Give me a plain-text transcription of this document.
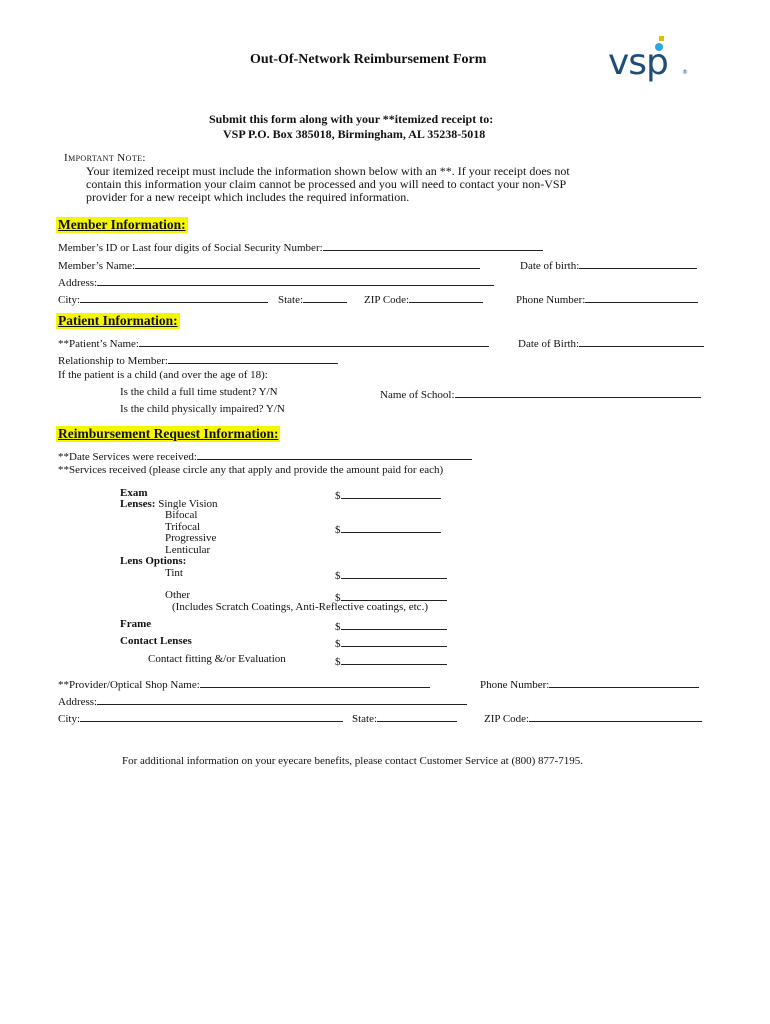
Out-Of-Network Reimbursement Form	vsp ®
Submit this form along with your **itemized receipt to:
VSP P.O. Box 385018, Birmingham, AL 35238-5018
Important Note:
Your itemized receipt must include the information shown below with an **. If your receipt does not
contain this information your claim cannot be processed and you will need to contact your non-VSP
provider for a new receipt which includes the required information.
Member Information:
Member’s ID or Last four digits of Social Security Number:
Member’s Name:	Date of birth:
Address:
City:	State:	ZIP Code:	Phone Number:
Patient Information:
**Patient’s Name:	Date of Birth:
Relationship to Member:
If the patient is a child (and over the age of 18):
Is the child a full time student? Y/N	Name of School:
Is the child physically impaired? Y/N
Reimbursement Request Information:
**Date Services were received:
**Services received (please circle any that apply and provide the amount paid for each)
Exam	$
Lenses: Single Vision
Bifocal
Trifocal	$
Progressive
Lenticular
Lens Options:
Tint	$
Other	$
(Includes Scratch Coatings, Anti-Reflective coatings, etc.)
Frame	$
Contact Lenses	$
Contact fitting &/or Evaluation	$
**Provider/Optical Shop Name:	Phone Number:
Address:
City:	State:	ZIP Code:
For additional information on your eyecare benefits, please contact Customer Service at (800) 877-7195.
